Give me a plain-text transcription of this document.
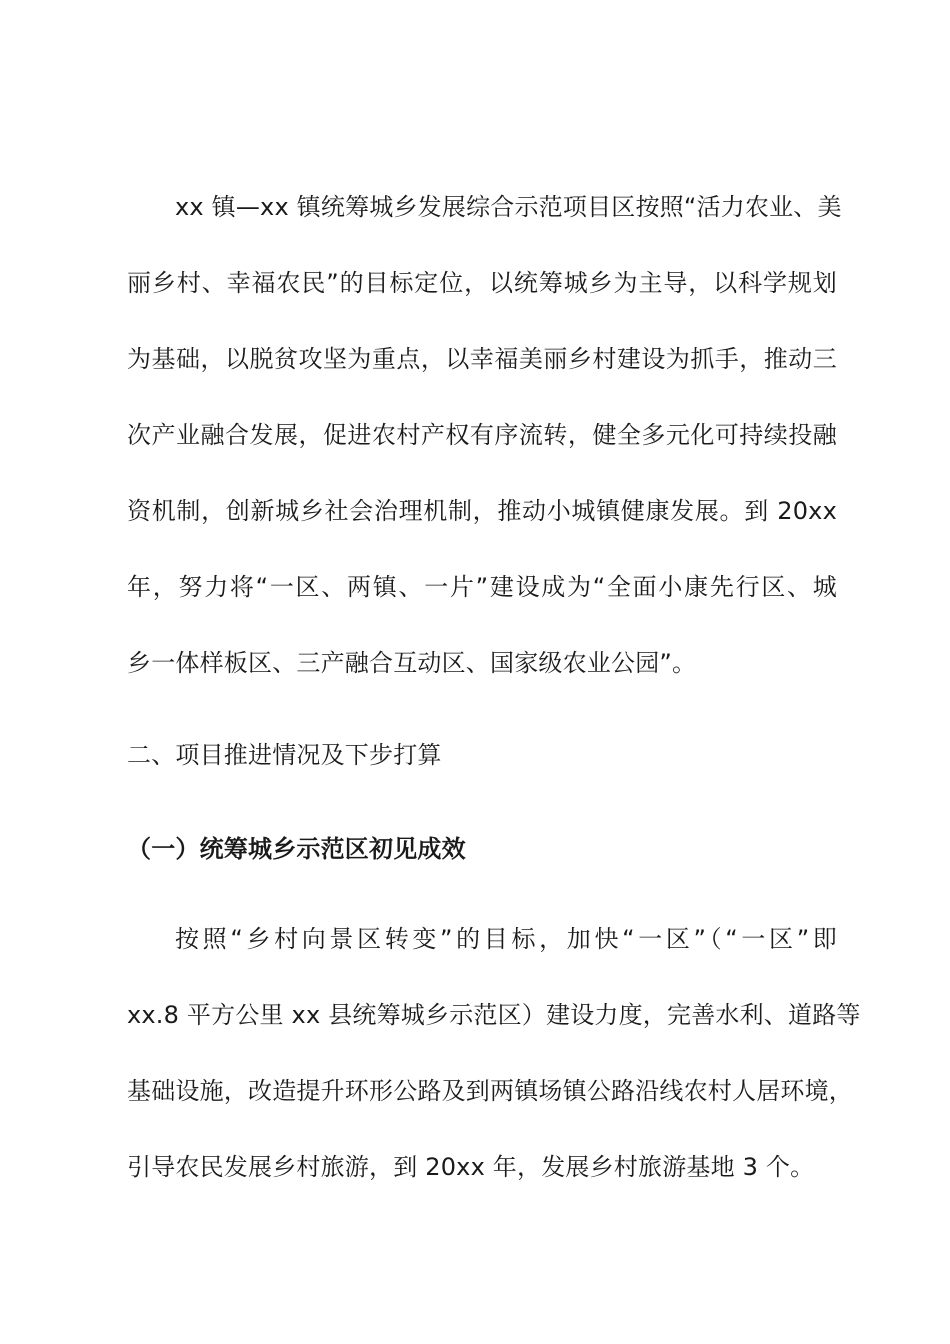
xx 镇—xx 镇统筹城乡发展综合示范项目区按照“活力农业、美
丽乡村、幸福农民”的目标定位，以统筹城乡为主导，以科学规划
为基础，以脱贫攻坚为重点，以幸福美丽乡村建设为抓手，推动三
次产业融合发展，促进农村产权有序流转，健全多元化可持续投融
资机制，创新城乡社会治理机制，推动小城镇健康发展。到 20xx
年，努力将“一区、两镇、一片”建设成为“全面小康先行区、城
乡一体样板区、三产融合互动区、国家级农业公园”。
二、项目推进情况及下步打算
（一）统筹城乡示范区初见成效
按照“乡村向景区转变”的目标，加快“一区”（“一区”即
xx.8 平方公里 xx 县统筹城乡示范区）建设力度，完善水利、道路等
基础设施，改造提升环形公路及到两镇场镇公路沿线农村人居环境，
引导农民发展乡村旅游，到 20xx 年，发展乡村旅游基地 3 个。
